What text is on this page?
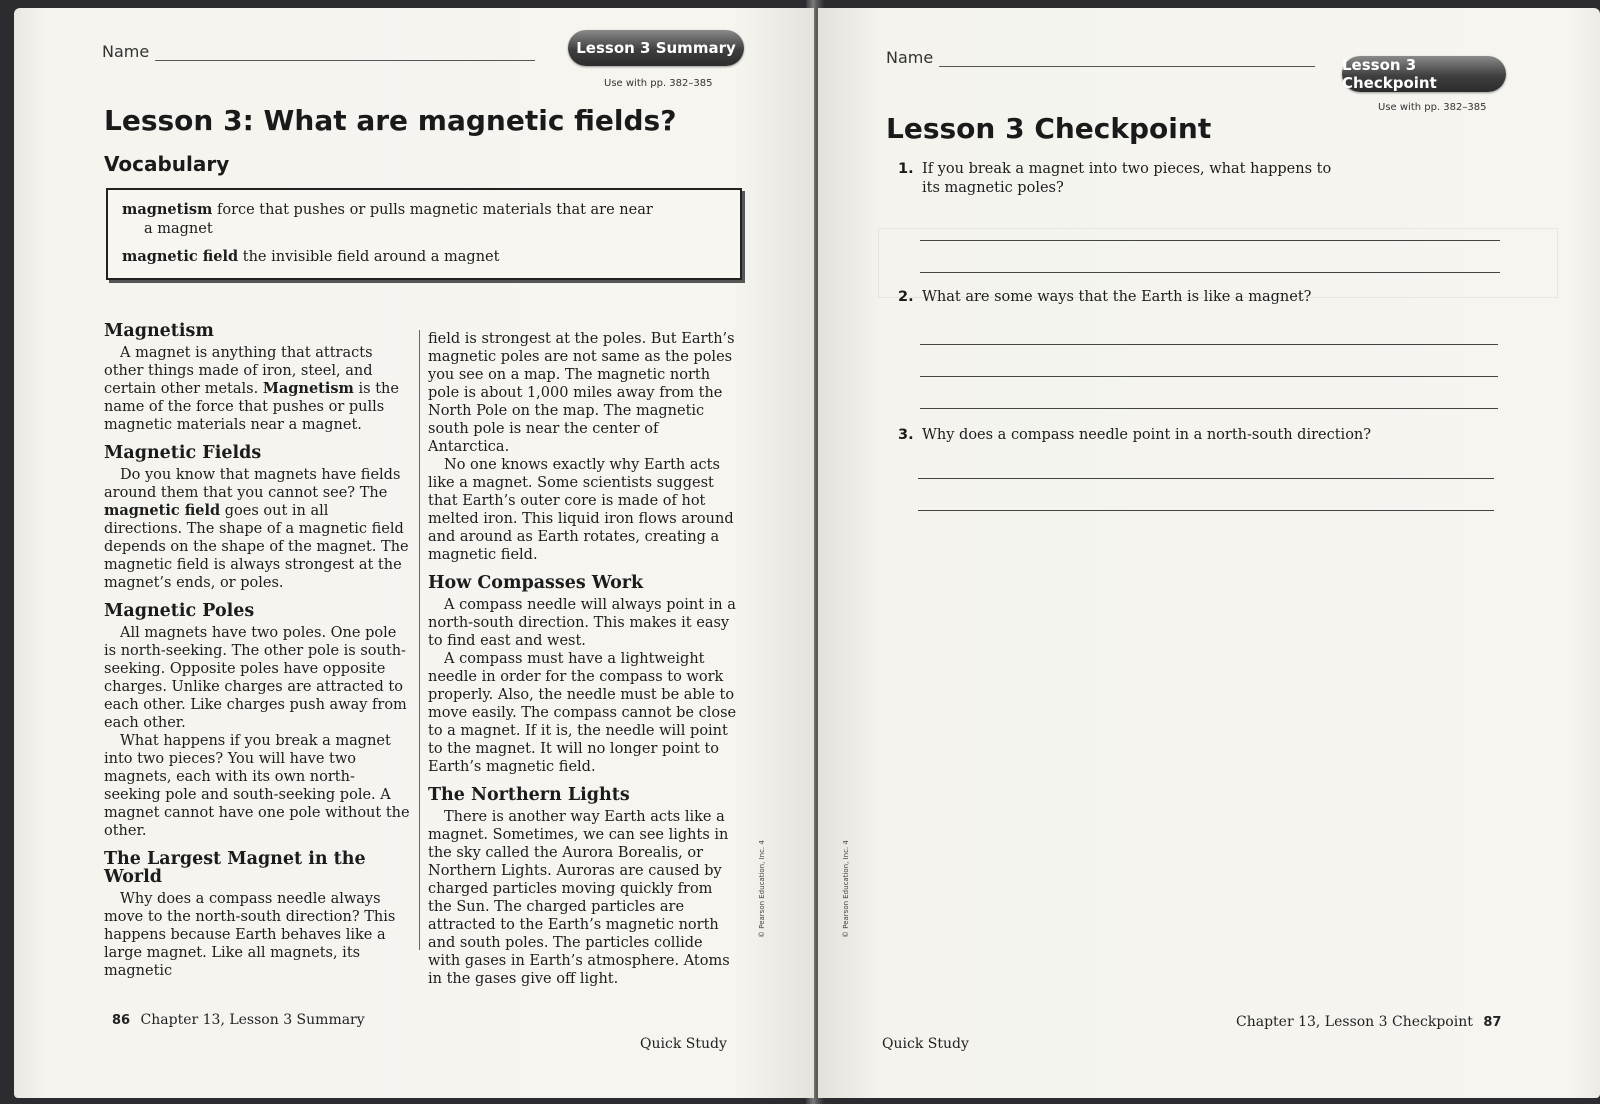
Name	Lesson 3 Summary
Use with pp. 382–385
Lesson 3: What are magnetic fields?
Vocabulary
magnetism force that pushes or pulls magnetic materials that are near
a magnet
magnetic field the invisible field around a magnet
Magnetism

A magnet is anything that attracts other things made of iron, steel, and certain other metals. Magnetism is the name of the force that pushes or pulls magnetic materials near a magnet.

Magnetic Fields

Do you know that magnets have fields around them that you cannot see? The magnetic field goes out in all directions. The shape of a magnetic field depends on the shape of the magnet. The magnetic field is always strongest at the magnet’s ends, or poles.

Magnetic Poles

All magnets have two poles. One pole is north-seeking. The other pole is south-seeking. Opposite poles have opposite charges. Unlike charges are attracted to each other. Like charges push away from each other.

What happens if you break a magnet into two pieces? You will have two magnets, each with its own north-seeking pole and south-seeking pole. A magnet cannot have one pole without the other.

The Largest Magnet in the World

Why does a compass needle always move to the north-south direction? This happens because Earth behaves like a large magnet. Like all magnets, its magnetic

field is strongest at the poles. But Earth’s magnetic poles are not same as the poles you see on a map. The magnetic north pole is about 1,000 miles away from the North Pole on the map. The magnetic south pole is near the center of Antarctica.

No one knows exactly why Earth acts like a magnet. Some scientists suggest that Earth’s outer core is made of hot melted iron. This liquid iron flows around and around as Earth rotates, creating a magnetic field.

How Compasses Work

A compass needle will always point in a north-south direction. This makes it easy to find east and west.

A compass must have a lightweight needle in order for the compass to work properly. Also, the needle must be able to move easily. The compass cannot be close to a magnet. If it is, the needle will point to the magnet. It will no longer point to Earth’s magnetic field.

The Northern Lights

There is another way Earth acts like a magnet. Sometimes, we can see lights in the sky called the Aurora Borealis, or Northern Lights. Auroras are caused by charged particles moving quickly from the Sun. The charged particles are attracted to the Earth’s magnetic north and south poles. The particles collide with gases in Earth’s atmosphere. Atoms in the gases give off light.

© Pearson Education, Inc. 4
86 Chapter 13, Lesson 3 Summary
Quick Study
Name	Lesson 3 Checkpoint
Use with pp. 382–385
Lesson 3 Checkpoint
1. If you break a magnet into two pieces, what happens to its magnetic poles?
2. What are some ways that the Earth is like a magnet?
3. Why does a compass needle point in a north-south direction?
© Pearson Education, Inc. 4
Quick Study
Chapter 13, Lesson 3 Checkpoint 87
